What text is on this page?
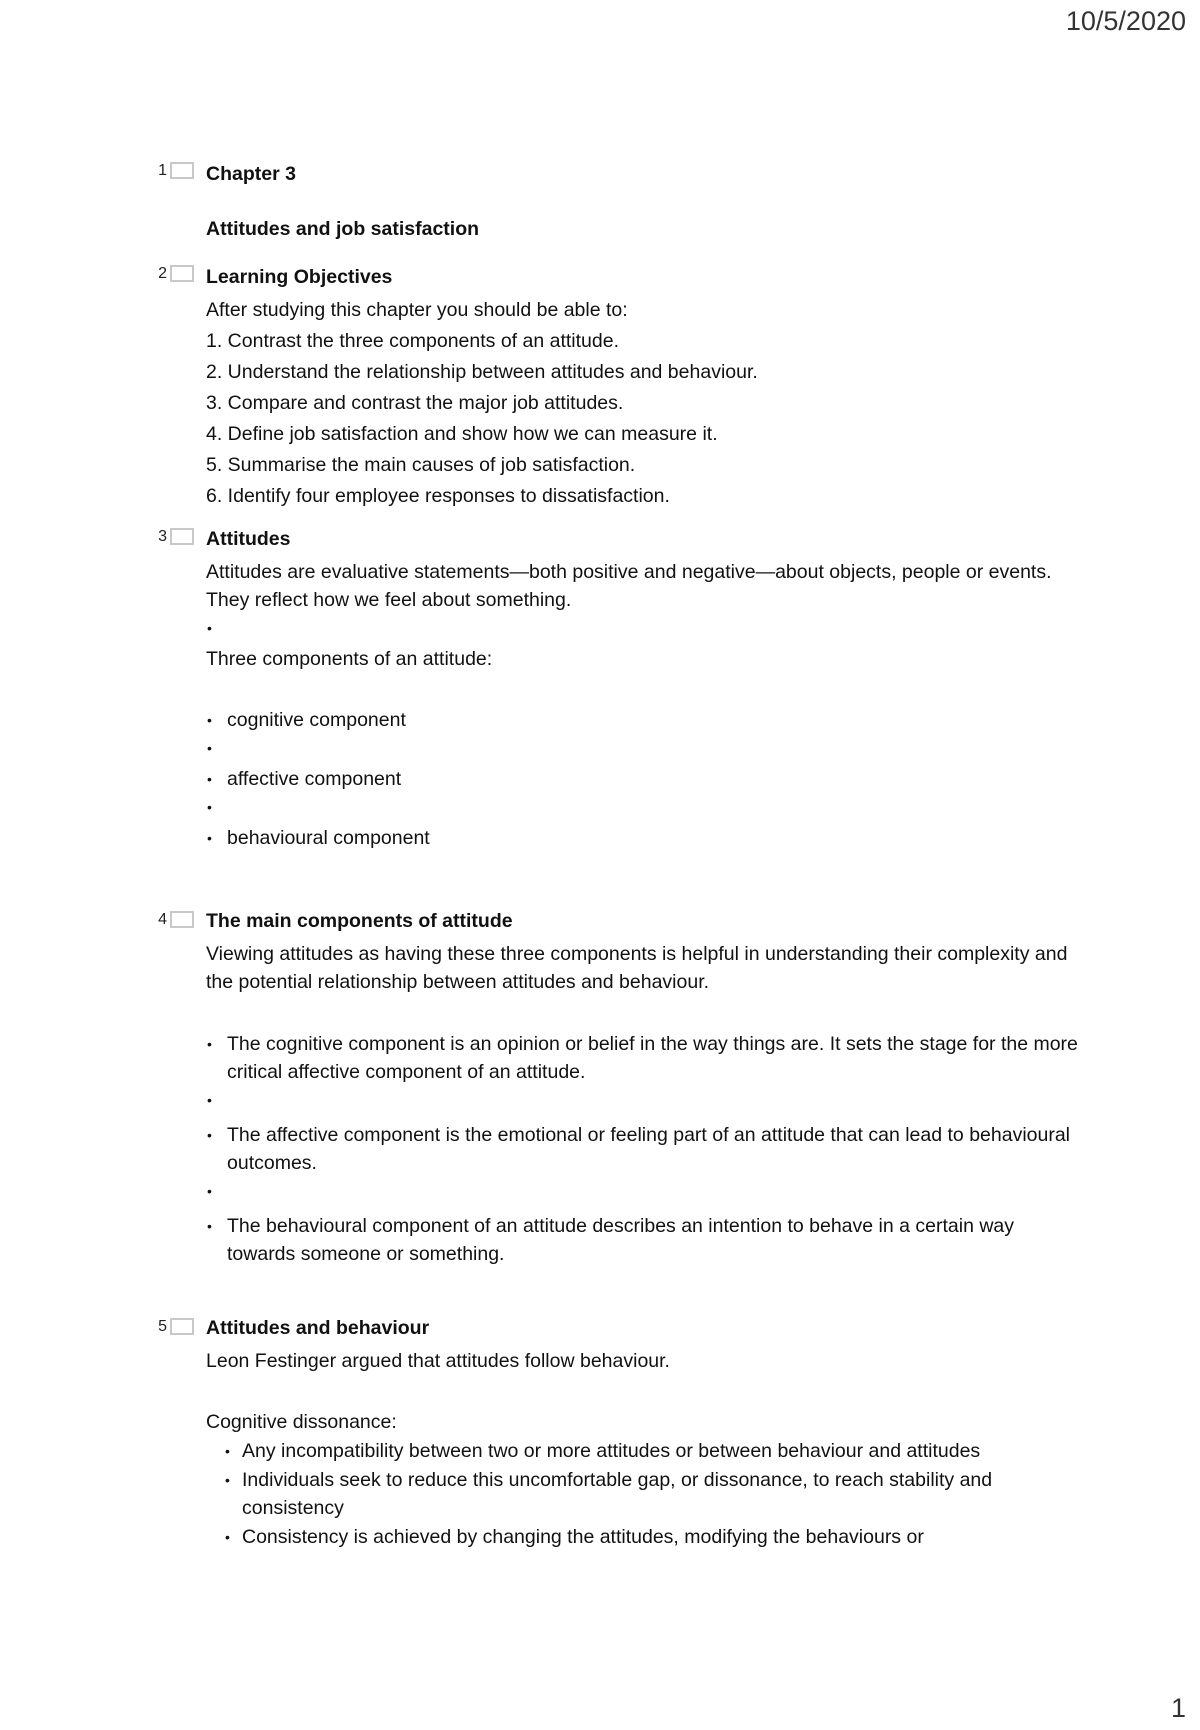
10/5/2020
1 Chapter 3
Attitudes and job satisfaction
2 Learning Objectives
After studying this chapter you should be able to:
1. Contrast the three components of an attitude.
2. Understand the relationship between attitudes and behaviour.
3. Compare and contrast the major job attitudes.
4. Define job satisfaction and show how we can measure it.
5. Summarise the main causes of job satisfaction.
6. Identify four employee responses to dissatisfaction.
3 Attitudes
Attitudes are evaluative statements—both positive and negative—about objects, people or events. They reflect how we feel about something.
•
Three components of an attitude:
• cognitive component
•
• affective component
•
• behavioural component
4 The main components of attitude
Viewing attitudes as having these three components is helpful in understanding their complexity and the potential relationship between attitudes and behaviour.
• The cognitive component is an opinion or belief in the way things are. It sets the stage for the more critical affective component of an attitude.
•
• The affective component is the emotional or feeling part of an attitude that can lead to behavioural outcomes.
•
• The behavioural component of an attitude describes an intention to behave in a certain way towards someone or something.
5 Attitudes and behaviour
Leon Festinger argued that attitudes follow behaviour.
Cognitive dissonance:
• Any incompatibility between two or more attitudes or between behaviour and attitudes
• Individuals seek to reduce this uncomfortable gap, or dissonance, to reach stability and consistency
• Consistency is achieved by changing the attitudes, modifying the behaviours or
1
